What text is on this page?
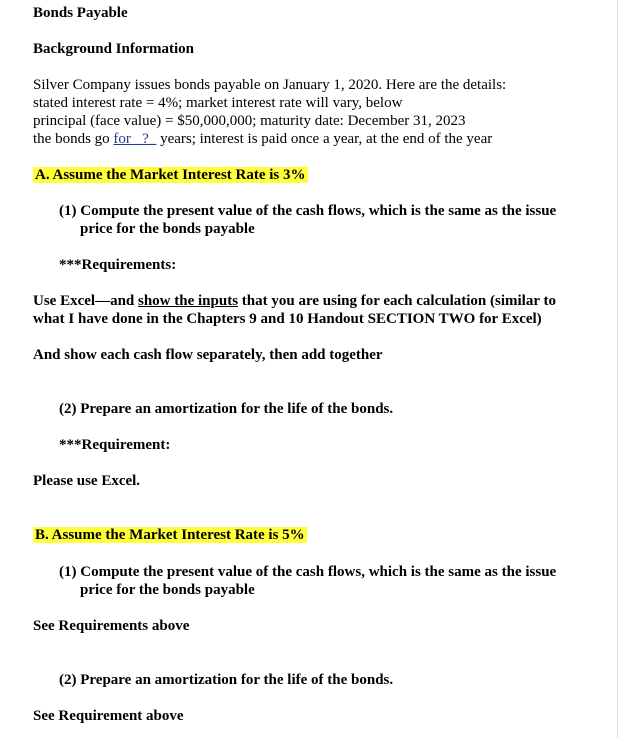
Bonds Payable
Background Information
Silver Company issues bonds payable on January 1, 2020. Here are the details:
stated interest rate = 4%; market interest rate will vary, below
principal (face value) = $50,000,000; maturity date: December 31, 2023
the bonds go for _?_ years; interest is paid once a year, at the end of the year
A. Assume the Market Interest Rate is 3%
(1) Compute the present value of the cash flows, which is the same as the issue
price for the bonds payable
***Requirements:
Use Excel—and show the inputs that you are using for each calculation (similar to
what I have done in the Chapters 9 and 10 Handout SECTION TWO for Excel)
And show each cash flow separately, then add together
(2) Prepare an amortization for the life of the bonds.
***Requirement:
Please use Excel.
B. Assume the Market Interest Rate is 5%
(1) Compute the present value of the cash flows, which is the same as the issue
price for the bonds payable
See Requirements above
(2) Prepare an amortization for the life of the bonds.
See Requirement above
